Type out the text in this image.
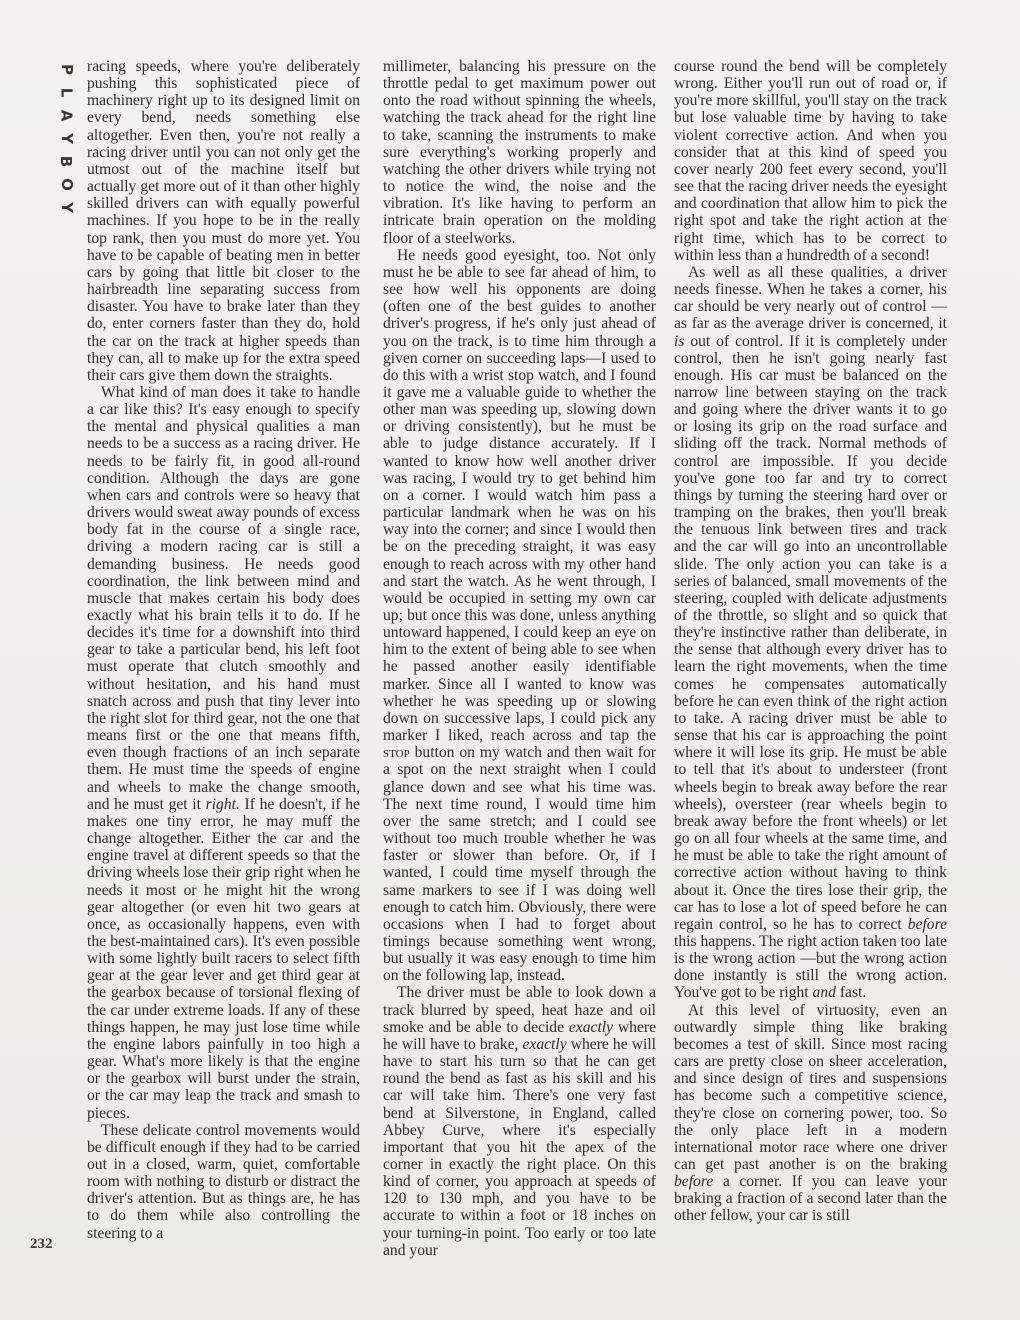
P
L
A
Y
B
O
Y
232

racing speeds, where you're deliberately pushing this sophisticated piece of machinery right up to its designed limit on every bend, needs something else altogether. Even then, you're not really a racing driver until you can not only get the utmost out of the machine itself but actually get more out of it than other highly skilled drivers can with equally powerful machines. If you hope to be in the really top rank, then you must do more yet. You have to be capable of beating men in better cars by going that little bit closer to the hairbreadth line separating success from disaster. You have to brake later than they do, enter corners faster than they do, hold the car on the track at higher speeds than they can, all to make up for the extra speed their cars give them down the straights.

What kind of man does it take to handle a car like this? It's easy enough to specify the mental and physical qualities a man needs to be a success as a racing driver. He needs to be fairly fit, in good all-round condition. Although the days are gone when cars and controls were so heavy that drivers would sweat away pounds of excess body fat in the course of a single race, driving a modern racing car is still a demanding business. He needs good coordination, the link between mind and muscle that makes certain his body does exactly what his brain tells it to do. If he decides it's time for a downshift into third gear to take a particular bend, his left foot must operate that clutch smoothly and without hesitation, and his hand must snatch across and push that tiny lever into the right slot for third gear, not the one that means first or the one that means fifth, even though fractions of an inch separate them. He must time the speeds of engine and wheels to make the change smooth, and he must get it right. If he doesn't, if he makes one tiny error, he may muff the change altogether. Either the car and the engine travel at different speeds so that the driving wheels lose their grip right when he needs it most or he might hit the wrong gear altogether (or even hit two gears at once, as occasionally happens, even with the best-maintained cars). It's even possible with some lightly built racers to select fifth gear at the gear lever and get third gear at the gearbox because of torsional flexing of the car under extreme loads. If any of these things happen, he may just lose time while the engine labors painfully in too high a gear. What's more likely is that the engine or the gearbox will burst under the strain, or the car may leap the track and smash to pieces.

These delicate control movements would be difficult enough if they had to be carried out in a closed, warm, quiet, comfortable room with nothing to disturb or distract the driver's attention. But as things are, he has to do them while also controlling the steering to a

millimeter, balancing his pressure on the throttle pedal to get maximum power out onto the road without spinning the wheels, watching the track ahead for the right line to take, scanning the instruments to make sure everything's working properly and watching the other drivers while trying not to notice the wind, the noise and the vibration. It's like having to perform an intricate brain operation on the molding floor of a steelworks.

He needs good eyesight, too. Not only must he be able to see far ahead of him, to see how well his opponents are doing (often one of the best guides to another driver's progress, if he's only just ahead of you on the track, is to time him through a given corner on succeeding laps—I used to do this with a wrist stop watch, and I found it gave me a valuable guide to whether the other man was speeding up, slowing down or driving consistently), but he must be able to judge distance accurately. If I wanted to know how well another driver was racing, I would try to get behind him on a corner. I would watch him pass a particular landmark when he was on his way into the corner; and since I would then be on the preceding straight, it was easy enough to reach across with my other hand and start the watch. As he went through, I would be occupied in setting my own car up; but once this was done, unless anything untoward happened, I could keep an eye on him to the extent of being able to see when he passed another easily identifiable marker. Since all I wanted to know was whether he was speeding up or slowing down on successive laps, I could pick any marker I liked, reach across and tap the stop button on my watch and then wait for a spot on the next straight when I could glance down and see what his time was. The next time round, I would time him over the same stretch; and I could see without too much trouble whether he was faster or slower than before. Or, if I wanted, I could time myself through the same markers to see if I was doing well enough to catch him. Obviously, there were occasions when I had to forget about timings because something went wrong, but usually it was easy enough to time him on the following lap, instead.

The driver must be able to look down a track blurred by speed, heat haze and oil smoke and be able to decide exactly where he will have to brake, exactly where he will have to start his turn so that he can get round the bend as fast as his skill and his car will take him. There's one very fast bend at Silverstone, in England, called Abbey Curve, where it's especially important that you hit the apex of the corner in exactly the right place. On this kind of corner, you approach at speeds of 120 to 130 mph, and you have to be accurate to within a foot or 18 inches on your turning-in point. Too early or too late and your

course round the bend will be completely wrong. Either you'll run out of road or, if you're more skillful, you'll stay on the track but lose valuable time by having to take violent corrective action. And when you consider that at this kind of speed you cover nearly 200 feet every second, you'll see that the racing driver needs the eyesight and coordination that allow him to pick the right spot and take the right action at the right time, which has to be correct to within less than a hundredth of a second!

As well as all these qualities, a driver needs finesse. When he takes a corner, his car should be very nearly out of control —as far as the average driver is concerned, it is out of control. If it is completely under control, then he isn't going nearly fast enough. His car must be balanced on the narrow line between staying on the track and going where the driver wants it to go or losing its grip on the road surface and sliding off the track. Normal methods of control are impossible. If you decide you've gone too far and try to correct things by turning the steering hard over or tramping on the brakes, then you'll break the tenuous link between tires and track and the car will go into an uncontrollable slide. The only action you can take is a series of balanced, small movements of the steering, coupled with delicate adjustments of the throttle, so slight and so quick that they're instinctive rather than deliberate, in the sense that although every driver has to learn the right movements, when the time comes he compensates automatically before he can even think of the right action to take. A racing driver must be able to sense that his car is approaching the point where it will lose its grip. He must be able to tell that it's about to understeer (front wheels begin to break away before the rear wheels), oversteer (rear wheels begin to break away before the front wheels) or let go on all four wheels at the same time, and he must be able to take the right amount of corrective action without having to think about it. Once the tires lose their grip, the car has to lose a lot of speed before he can regain control, so he has to correct before this happens. The right action taken too late is the wrong action —but the wrong action done instantly is still the wrong action. You've got to be right and fast.

At this level of virtuosity, even an outwardly simple thing like braking becomes a test of skill. Since most racing cars are pretty close on sheer acceleration, and since design of tires and suspensions has become such a competitive science, they're close on cornering power, too. So the only place left in a modern international motor race where one driver can get past another is on the braking before a corner. If you can leave your braking a fraction of a second later than the other fellow, your car is still
